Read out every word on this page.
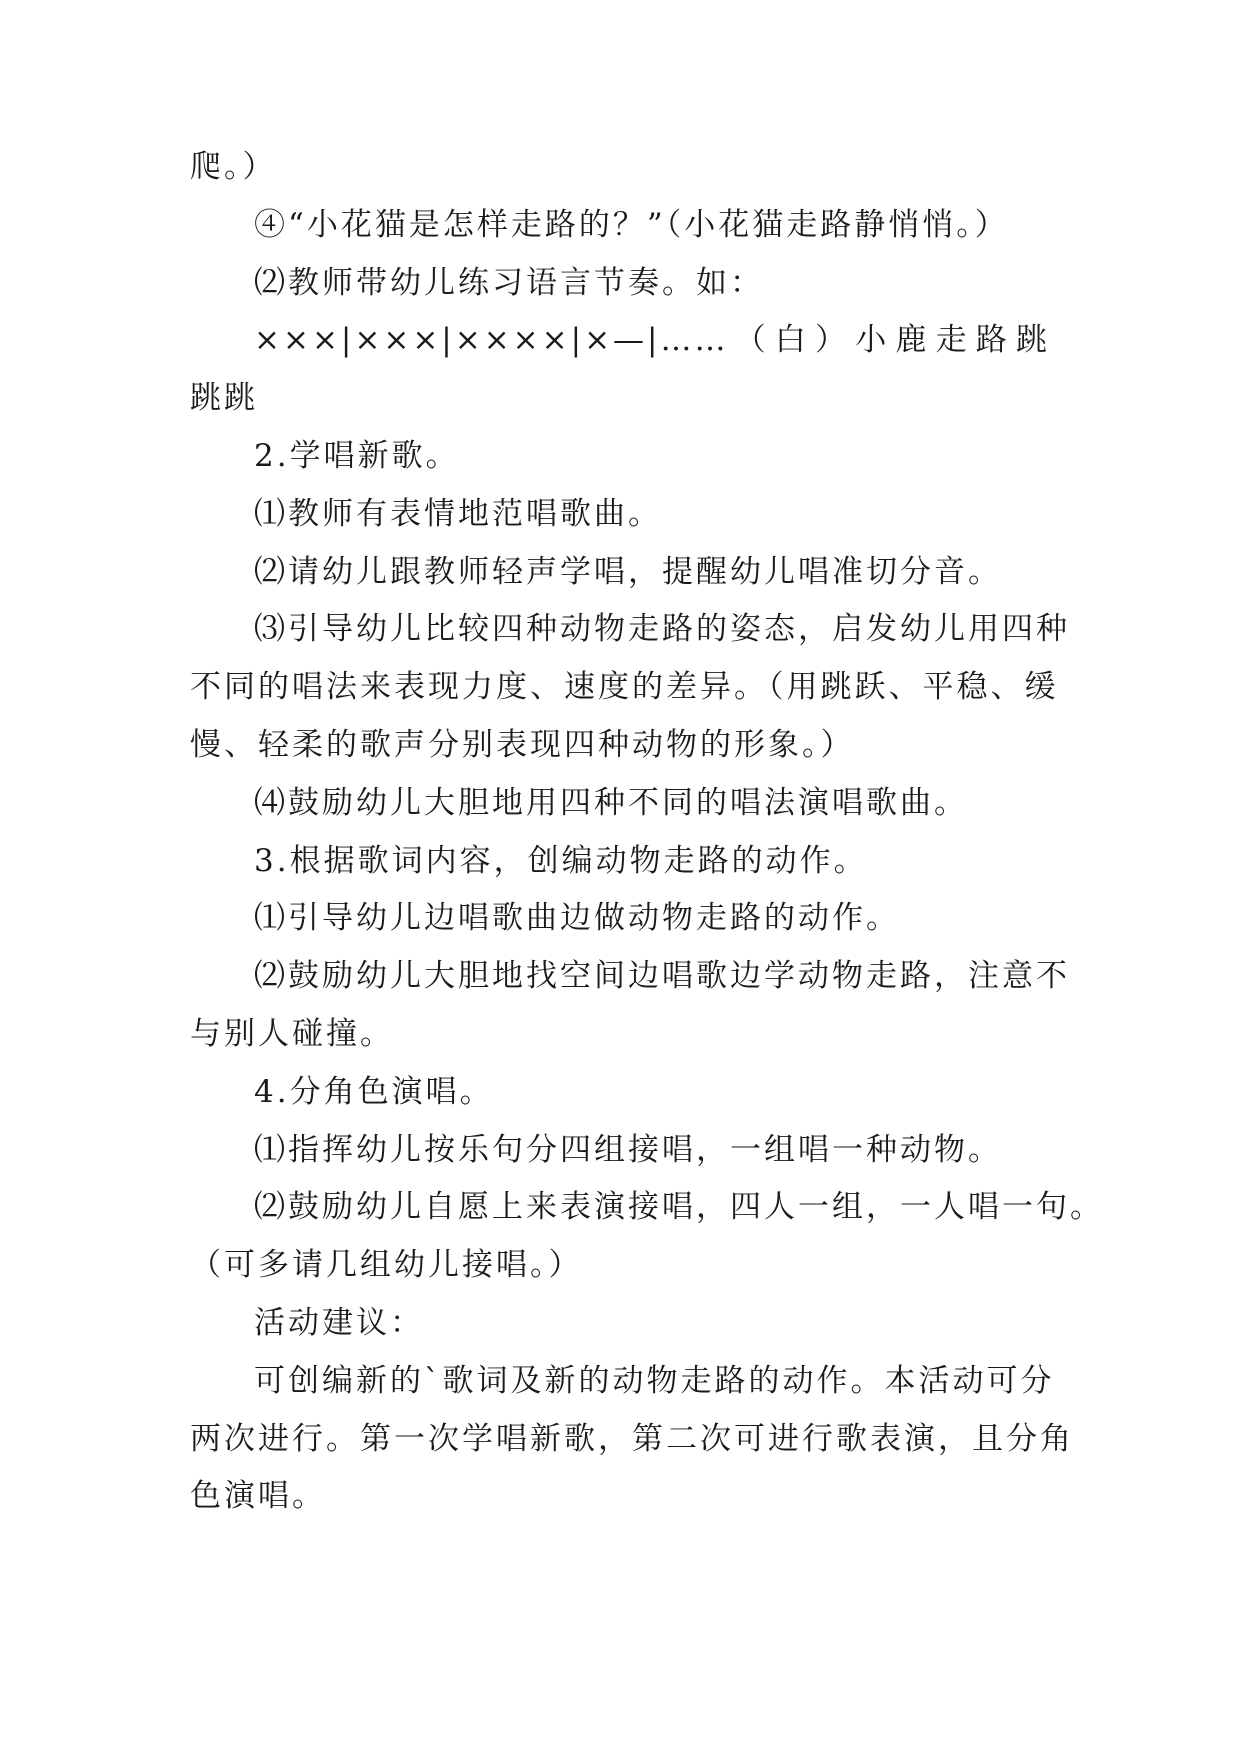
爬。）
④“小花猫是怎样走路的？”（小花猫走路静悄悄。）
⑵教师带幼儿练习语言节奏。如：
×××|×××|××××|×—|……（白）小鹿走路跳
跳跳
2.学唱新歌。
⑴教师有表情地范唱歌曲。
⑵请幼儿跟教师轻声学唱，提醒幼儿唱准切分音。
⑶引导幼儿比较四种动物走路的姿态，启发幼儿用四种
不同的唱法来表现力度、速度的差异。（用跳跃、平稳、缓
慢、轻柔的歌声分别表现四种动物的形象。）
⑷鼓励幼儿大胆地用四种不同的唱法演唱歌曲。
3.根据歌词内容，创编动物走路的动作。
⑴引导幼儿边唱歌曲边做动物走路的动作。
⑵鼓励幼儿大胆地找空间边唱歌边学动物走路，注意不
与别人碰撞。
4.分角色演唱。
⑴指挥幼儿按乐句分四组接唱，一组唱一种动物。
⑵鼓励幼儿自愿上来表演接唱，四人一组，一人唱一句。
（可多请几组幼儿接唱。）
活动建议：
可创编新的`歌词及新的动物走路的动作。本活动可分
两次进行。第一次学唱新歌，第二次可进行歌表演，且分角
色演唱。
